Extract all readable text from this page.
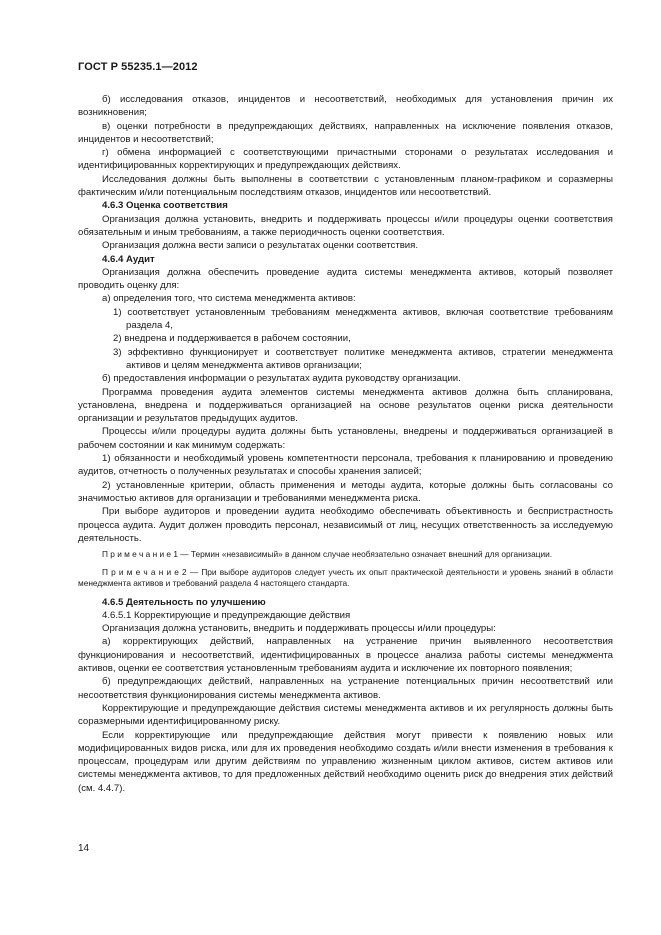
ГОСТ Р 55235.1—2012

б) исследования отказов, инцидентов и несоответствий, необходимых для установления причин их возникновения;

в) оценки потребности в предупреждающих действиях, направленных на исключение появления отказов, инцидентов и несоответствий;

г) обмена информацией с соответствующими причастными сторонами о результатах исследования и идентифицированных корректирующих и предупреждающих действиях.

Исследования должны быть выполнены в соответствии с установленным планом-графиком и соразмерны фактическим и/или потенциальным последствиям отказов, инцидентов или несоответствий.

4.6.3 Оценка соответствия

Организация должна установить, внедрить и поддерживать процессы и/или процедуры оценки соответствия обязательным и иным требованиям, а также периодичность оценки соответствия.

Организация должна вести записи о результатах оценки соответствия.

4.6.4 Аудит

Организация должна обеспечить проведение аудита системы менеджмента активов, который позволяет проводить оценку для:

а) определения того, что система менеджмента активов:

1) соответствует установленным требованиям менеджмента активов, включая соответствие требованиям раздела 4,

2) внедрена и поддерживается в рабочем состоянии,

3) эффективно функционирует и соответствует политике менеджмента активов, стратегии менеджмента активов и целям менеджмента активов организации;

б) предоставления информации о результатах аудита руководству организации.

Программа проведения аудита элементов системы менеджмента активов должна быть спланирована, установлена, внедрена и поддерживаться организацией на основе результатов оценки риска деятельности организации и результатов предыдущих аудитов.

Процессы и/или процедуры аудита должны быть установлены, внедрены и поддерживаться организацией в рабочем состоянии и как минимум содержать:

1) обязанности и необходимый уровень компетентности персонала, требования к планированию и проведению аудитов, отчетность о полученных результатах и способы хранения записей;

2) установленные критерии, область применения и методы аудита, которые должны быть согласованы со значимостью активов для организации и требованиями менеджмента риска.

При выборе аудиторов и проведении аудита необходимо обеспечивать объективность и беспристрастность процесса аудита. Аудит должен проводить персонал, независимый от лиц, несущих ответственность за исследуемую деятельность.

П р и м е ч а н и е 1 — Термин «независимый» в данном случае необязательно означает внешний для организации.

П р и м е ч а н и е 2 — При выборе аудиторов следует учесть их опыт практической деятельности и уровень знаний в области менеджмента активов и требований раздела 4 настоящего стандарта.

4.6.5 Деятельность по улучшению

4.6.5.1 Корректирующие и предупреждающие действия

Организация должна установить, внедрить и поддерживать процессы и/или процедуры:

а) корректирующих действий, направленных на устранение причин выявленного несоответствия функционирования и несоответствий, идентифицированных в процессе анализа работы системы менеджмента активов, оценки ее соответствия установленным требованиям аудита и исключение их повторного появления;

б) предупреждающих действий, направленных на устранение потенциальных причин несоответствий или несоответствия функционирования системы менеджмента активов.

Корректирующие и предупреждающие действия системы менеджмента активов и их регулярность должны быть соразмерными идентифицированному риску.

Если корректирующие или предупреждающие действия могут привести к появлению новых или модифицированных видов риска, или для их проведения необходимо создать и/или внести изменения в требования к процессам, процедурам или другим действиям по управлению жизненным циклом активов, систем активов или системы менеджмента активов, то для предложенных действий необходимо оценить риск до внедрения этих действий (см. 4.4.7).

14
